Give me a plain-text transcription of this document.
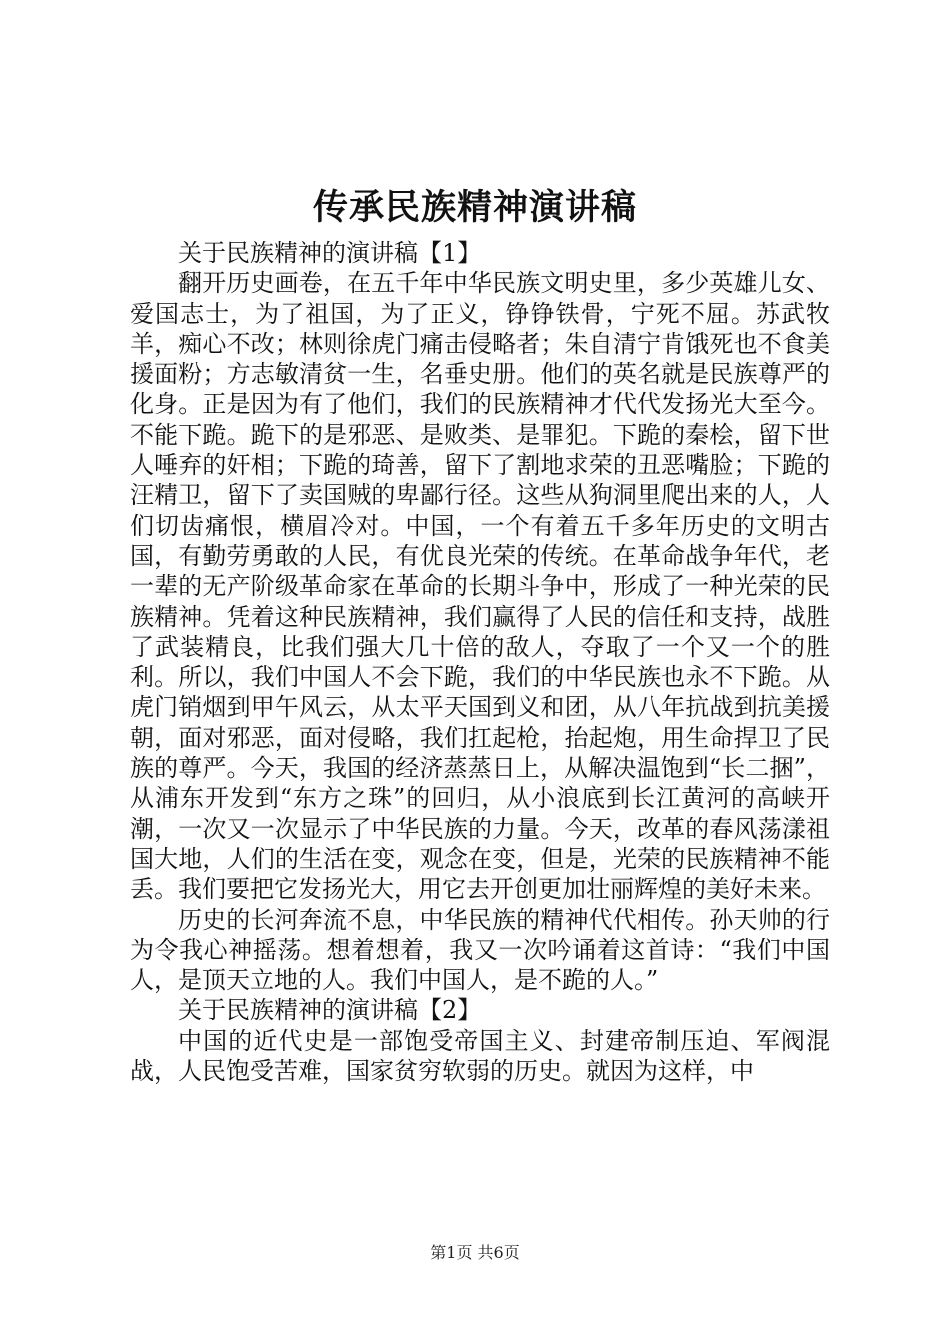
传承民族精神演讲稿

关于民族精神的演讲稿【1】

翻开历史画卷，在五千年中华民族文明史里，多少英雄儿女、爱国志士，为了祖国，为了正义，铮铮铁骨，宁死不屈。苏武牧羊，痴心不改；林则徐虎门痛击侵略者；朱自清宁肯饿死也不食美援面粉；方志敏清贫一生，名垂史册。他们的英名就是民族尊严的化身。正是因为有了他们，我们的民族精神才代代发扬光大至今。不能下跪。跪下的是邪恶、是败类、是罪犯。下跪的秦桧，留下世人唾弃的奸相；下跪的琦善，留下了割地求荣的丑恶嘴脸；下跪的汪精卫，留下了卖国贼的卑鄙行径。这些从狗洞里爬出来的人，人们切齿痛恨，横眉冷对。中国，一个有着五千多年历史的文明古国，有勤劳勇敢的人民，有优良光荣的传统。在革命战争年代，老一辈的无产阶级革命家在革命的长期斗争中，形成了一种光荣的民族精神。凭着这种民族精神，我们赢得了人民的信任和支持，战胜了武装精良，比我们强大几十倍的敌人，夺取了一个又一个的胜利。所以，我们中国人不会下跪，我们的中华民族也永不下跪。从虎门销烟到甲午风云，从太平天国到义和团，从八年抗战到抗美援朝，面对邪恶，面对侵略，我们扛起枪，抬起炮，用生命捍卫了民族的尊严。今天，我国的经济蒸蒸日上，从解决温饱到“长二捆”，从浦东开发到“东方之珠”的回归，从小浪底到长江黄河的高峡开潮，一次又一次显示了中华民族的力量。今天，改革的春风荡漾祖国大地，人们的生活在变，观念在变，但是，光荣的民族精神不能丢。我们要把它发扬光大，用它去开创更加壮丽辉煌的美好未来。

历史的长河奔流不息，中华民族的精神代代相传。孙天帅的行为令我心神摇荡。想着想着，我又一次吟诵着这首诗：“我们中国人，是顶天立地的人。我们中国人，是不跪的人。”

关于民族精神的演讲稿【2】

中国的近代史是一部饱受帝国主义、封建帝制压迫、军阀混战，人民饱受苦难，国家贫穷软弱的历史。就因为这样，中

第1页 共6页
